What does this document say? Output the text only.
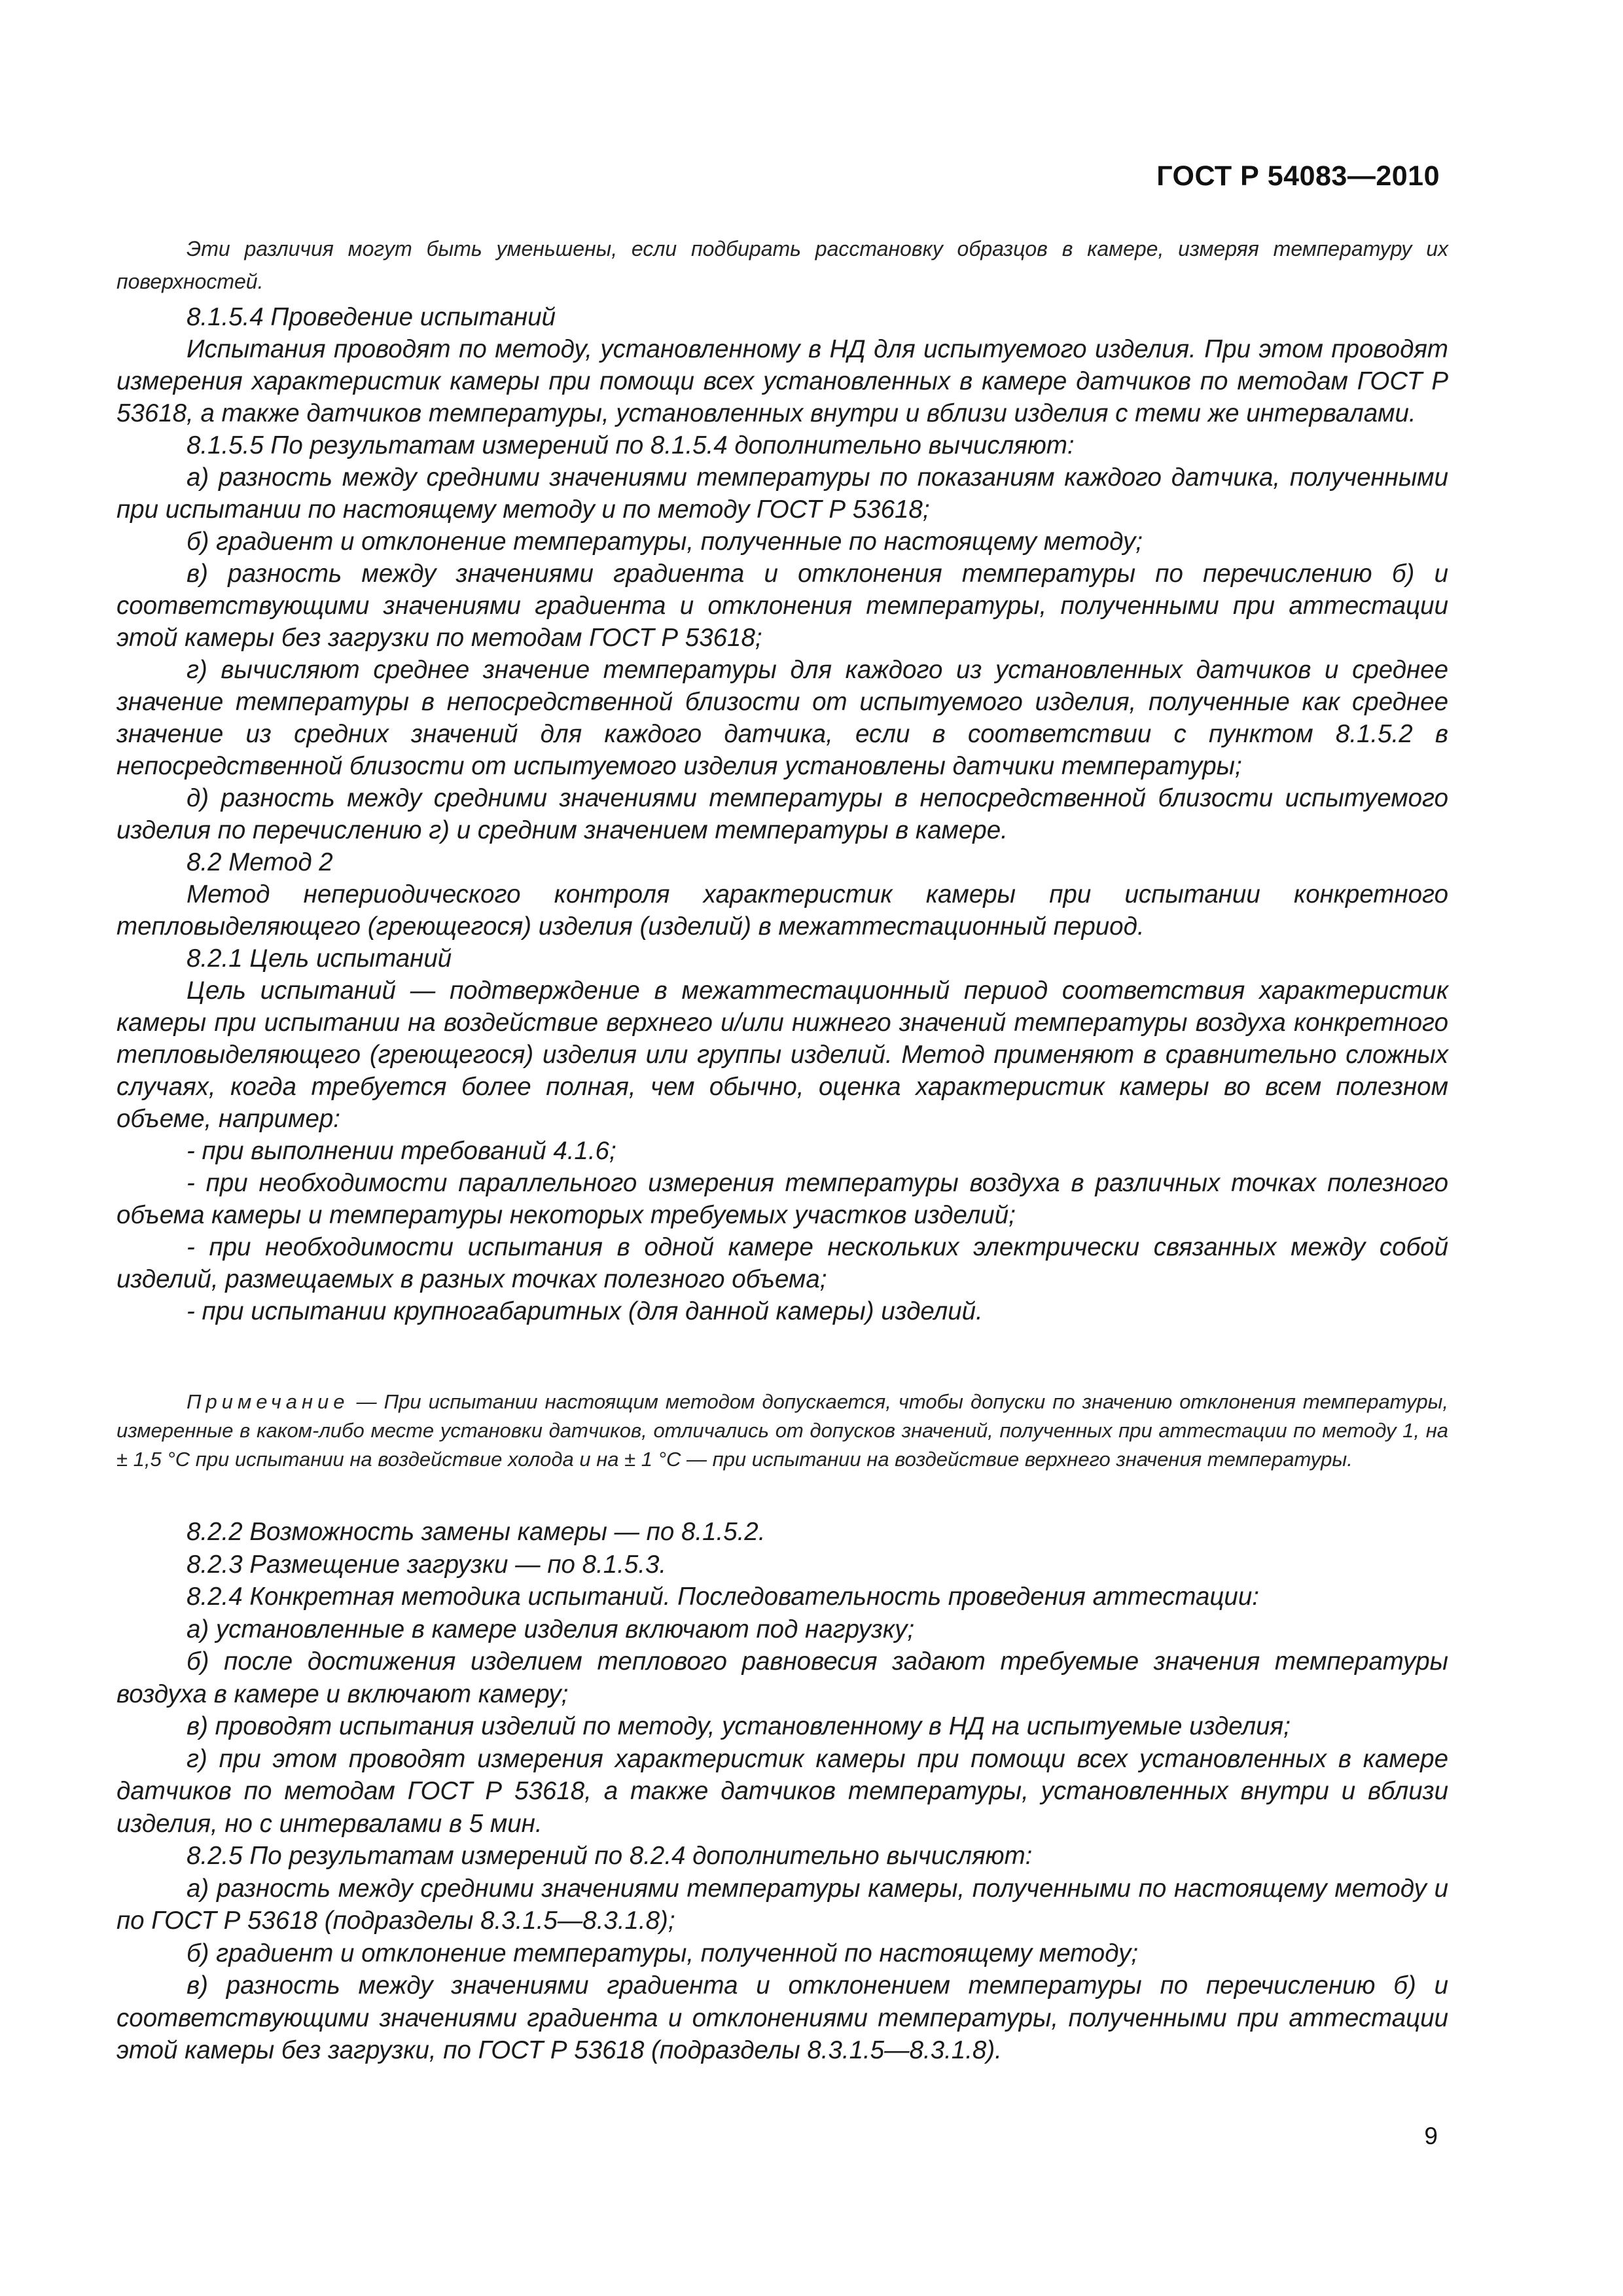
ГОСТ Р 54083—2010

Эти различия могут быть уменьшены, если подбирать расстановку образцов в камере, измеряя температуру их поверхностей.

8.1.5.4 Проведение испытаний

Испытания проводят по методу, установленному в НД для испытуемого изделия. При этом проводят измерения характеристик камеры при помощи всех установленных в камере датчиков по методам ГОСТ Р 53618, а также датчиков температуры, установленных внутри и вблизи изделия с теми же интервалами.

8.1.5.5 По результатам измерений по 8.1.5.4 дополнительно вычисляют:

а) разность между средними значениями температуры по показаниям каждого датчика, полученными при испытании по настоящему методу и по методу ГОСТ Р 53618;

б) градиент и отклонение температуры, полученные по настоящему методу;

в) разность между значениями градиента и отклонения температуры по перечислению б) и соответствующими значениями градиента и отклонения температуры, полученными при аттестации этой камеры без загрузки по методам ГОСТ Р 53618;

г) вычисляют среднее значение температуры для каждого из установленных датчиков и среднее значение температуры в непосредственной близости от испытуемого изделия, полученные как среднее значение из средних значений для каждого датчика, если в соответствии с пунктом 8.1.5.2 в непосредственной близости от испытуемого изделия установлены датчики температуры;

д) разность между средними значениями температуры в непосредственной близости испытуемого изделия по перечислению г) и средним значением температуры в камере.

8.2 Метод 2

Метод непериодического контроля характеристик камеры при испытании конкретного тепловыделяющего (греющегося) изделия (изделий) в межаттестационный период.

8.2.1 Цель испытаний

Цель испытаний — подтверждение в межаттестационный период соответствия характеристик камеры при испытании на воздействие верхнего и/или нижнего значений температуры воздуха конкретного тепловыделяющего (греющегося) изделия или группы изделий. Метод применяют в сравнительно сложных случаях, когда требуется более полная, чем обычно, оценка характеристик камеры во всем полезном объеме, например:

- при выполнении требований 4.1.6;

- при необходимости параллельного измерения температуры воздуха в различных точках полезного объема камеры и температуры некоторых требуемых участков изделий;

- при необходимости испытания в одной камере нескольких электрически связанных между собой изделий, размещаемых в разных точках полезного объема;

- при испытании крупногабаритных (для данной камеры) изделий.

Примечание — При испытании настоящим методом допускается, чтобы допуски по значению отклонения температуры, измеренные в каком-либо месте установки датчиков, отличались от допусков значений, полученных при аттестации по методу 1, на ± 1,5 °С при испытании на воздействие холода и на ± 1 °С — при испытании на воздействие верхнего значения температуры.

8.2.2 Возможность замены камеры — по 8.1.5.2.

8.2.3 Размещение загрузки — по 8.1.5.3.

8.2.4 Конкретная методика испытаний. Последовательность проведения аттестации:

а) установленные в камере изделия включают под нагрузку;

б) после достижения изделием теплового равновесия задают требуемые значения температуры воздуха в камере и включают камеру;

в) проводят испытания изделий по методу, установленному в НД на испытуемые изделия;

г) при этом проводят измерения характеристик камеры при помощи всех установленных в камере датчиков по методам ГОСТ Р 53618, а также датчиков температуры, установленных внутри и вблизи изделия, но с интервалами в 5 мин.

8.2.5 По результатам измерений по 8.2.4 дополнительно вычисляют:

а) разность между средними значениями температуры камеры, полученными по настоящему методу и по ГОСТ Р 53618 (подразделы 8.3.1.5—8.3.1.8);

б) градиент и отклонение температуры, полученной по настоящему методу;

в) разность между значениями градиента и отклонением температуры по перечислению б) и соответствующими значениями градиента и отклонениями температуры, полученными при аттестации этой камеры без загрузки, по ГОСТ Р 53618 (подразделы 8.3.1.5—8.3.1.8).

9
